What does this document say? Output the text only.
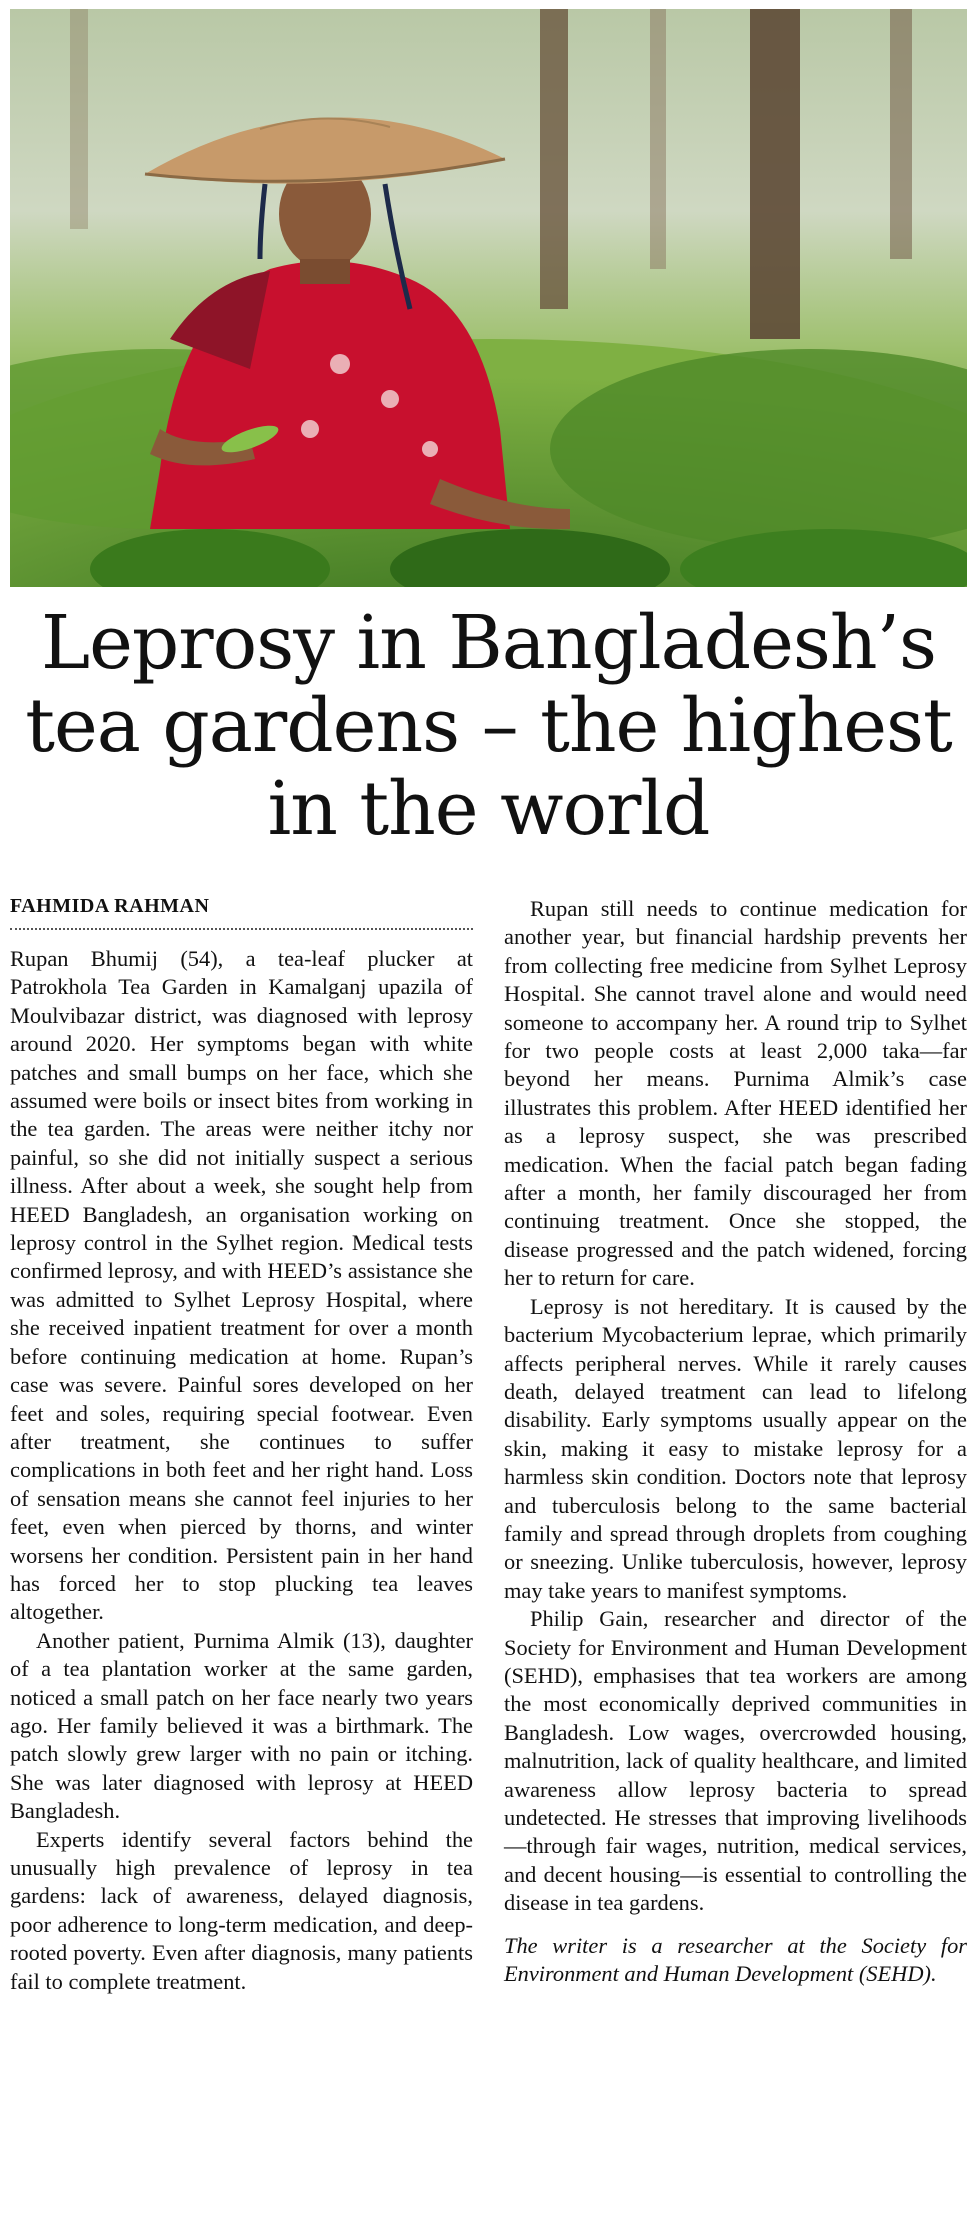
Leprosy in Bangladesh’s tea gardens – the highest in the world
FAHMIDA RAHMAN

Rupan Bhumij (54), a tea-leaf plucker at Patrokhola Tea Garden in Kamalganj upazila of Moulvibazar district, was diagnosed with leprosy around 2020. Her symptoms began with white patches and small bumps on her face, which she assumed were boils or insect bites from working in the tea garden. The areas were neither itchy nor painful, so she did not initially suspect a serious illness. After about a week, she sought help from HEED Bangladesh, an organisation working on leprosy control in the Sylhet region. Medical tests confirmed leprosy, and with HEED’s assistance she was admitted to Sylhet Leprosy Hospital, where she received inpatient treatment for over a month before continuing medication at home. Rupan’s case was severe. Painful sores developed on her feet and soles, requiring special footwear. Even after treatment, she continues to suffer complications in both feet and her right hand. Loss of sensation means she cannot feel injuries to her feet, even when pierced by thorns, and winter worsens her condition. Persistent pain in her hand has forced her to stop plucking tea leaves altogether.

Another patient, Purnima Almik (13), daughter of a tea plantation worker at the same garden, noticed a small patch on her face nearly two years ago. Her family believed it was a birthmark. The patch slowly grew larger with no pain or itching. She was later diagnosed with leprosy at HEED Bangladesh.

Experts identify several factors behind the unusually high prevalence of leprosy in tea gardens: lack of awareness, delayed diagnosis, poor adherence to long-term medication, and deep-rooted poverty. Even after diagnosis, many patients fail to complete treatment.

Rupan still needs to continue medication for another year, but financial hardship prevents her from collecting free medicine from Sylhet Leprosy Hospital. She cannot travel alone and would need someone to accompany her. A round trip to Sylhet for two people costs at least 2,000 taka—far beyond her means. Purnima Almik’s case illustrates this problem. After HEED identified her as a leprosy suspect, she was prescribed medication. When the facial patch began fading after a month, her family discouraged her from continuing treatment. Once she stopped, the disease progressed and the patch widened, forcing her to return for care.

Leprosy is not hereditary. It is caused by the bacterium Mycobacterium leprae, which primarily affects peripheral nerves. While it rarely causes death, delayed treatment can lead to lifelong disability. Early symptoms usually appear on the skin, making it easy to mistake leprosy for a harmless skin condition. Doctors note that leprosy and tuberculosis belong to the same bacterial family and spread through droplets from coughing or sneezing. Unlike tuberculosis, however, leprosy may take years to manifest symptoms.

Philip Gain, researcher and director of the Society for Environment and Human Development (SEHD), emphasises that tea workers are among the most economically deprived communities in Bangladesh. Low wages, overcrowded housing, malnutrition, lack of quality healthcare, and limited awareness allow leprosy bacteria to spread undetected. He stresses that improving livelihoods—through fair wages, nutrition, medical services, and decent housing—is essential to controlling the disease in tea gardens.

The writer is a researcher at the Society for Environment and Human Development (SEHD).
